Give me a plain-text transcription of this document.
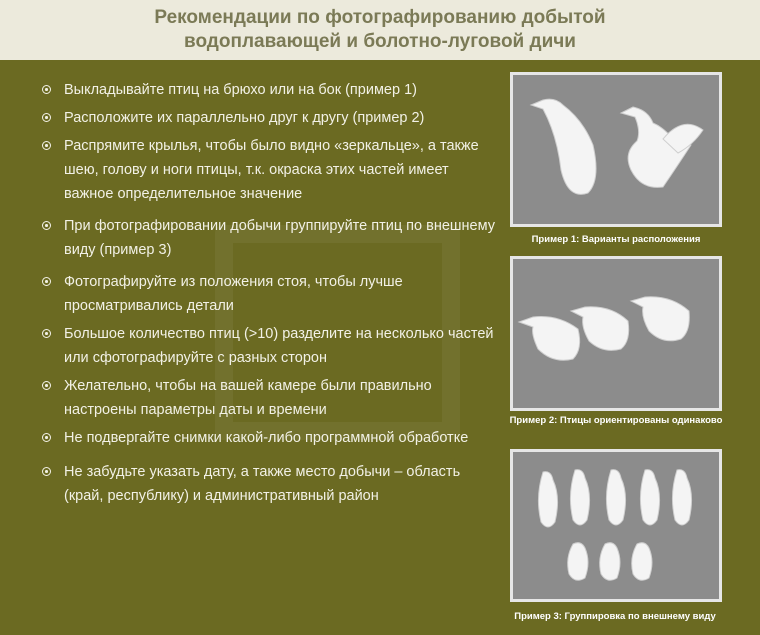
Рекомендации по фотографированию добытой водоплавающей и болотно-луговой дичи
Выкладывайте птиц на брюхо или на бок (пример 1)
Расположите их параллельно друг к другу (пример 2)
Распрямите крылья, чтобы было видно «зеркальце», а также шею, голову и ноги птицы, т.к. окраска этих частей имеет важное определительное значение
При фотографировании добычи группируйте птиц по внешнему виду (пример 3)
Фотографируйте из положения стоя, чтобы лучше просматривались детали
Большое количество птиц (>10) разделите на несколько частей или сфотографируйте с разных сторон
Желательно, чтобы на вашей камере были правильно настроены параметры даты и времени
Не подвергайте снимки какой-либо программной обработке
Не забудьте указать дату, а также место добычи – область (край, республику) и административный район
Пример 1: Варианты расположения
Пример 2: Птицы ориентированы одинаково
Пример 3: Группировка по внешнему виду
